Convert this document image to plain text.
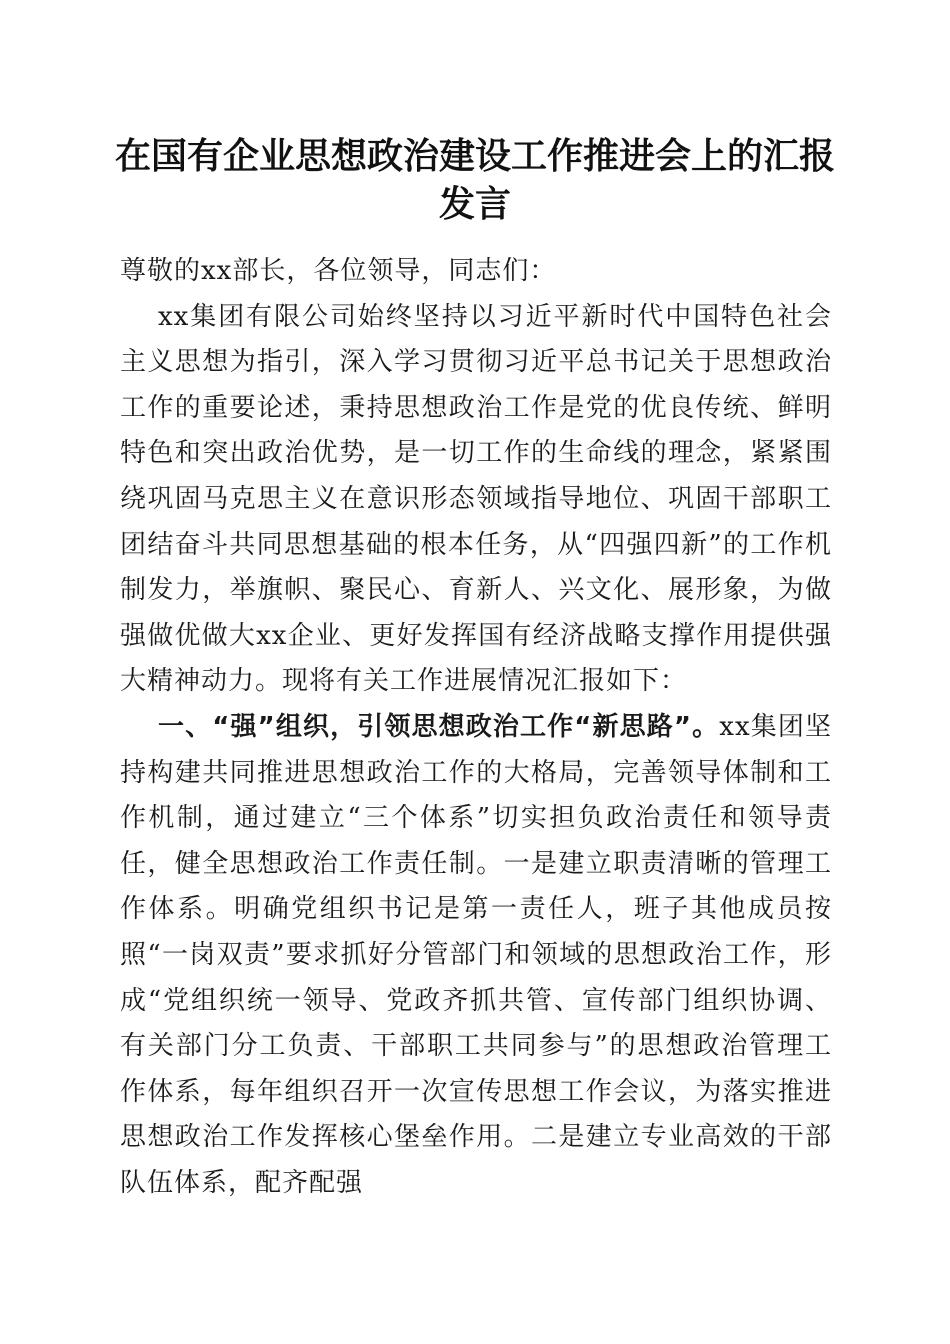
在国有企业思想政治建设工作推进会上的汇报
发言

尊敬的xx部长，各位领导，同志们：

xx集团有限公司始终坚持以习近平新时代中国特色社会主义思想为指引，深入学习贯彻习近平总书记关于思想政治工作的重要论述，秉持思想政治工作是党的优良传统、鲜明特色和突出政治优势，是一切工作的生命线的理念，紧紧围绕巩固马克思主义在意识形态领域指导地位、巩固干部职工团结奋斗共同思想基础的根本任务，从“四强四新”的工作机制发力，举旗帜、聚民心、育新人、兴文化、展形象，为做强做优做大xx企业、更好发挥国有经济战略支撑作用提供强大精神动力。现将有关工作进展情况汇报如下：

一、“强”组织，引领思想政治工作“新思路”。xx集团坚持构建共同推进思想政治工作的大格局，完善领导体制和工作机制，通过建立“三个体系”切实担负政治责任和领导责任，健全思想政治工作责任制。一是建立职责清晰的管理工作体系。明确党组织书记是第一责任人，班子其他成员按照“一岗双责”要求抓好分管部门和领域的思想政治工作，形成“党组织统一领导、党政齐抓共管、宣传部门组织协调、有关部门分工负责、干部职工共同参与”的思想政治管理工作体系，每年组织召开一次宣传思想工作会议，为落实推进思想政治工作发挥核心堡垒作用。二是建立专业高效的干部队伍体系，配齐配强
